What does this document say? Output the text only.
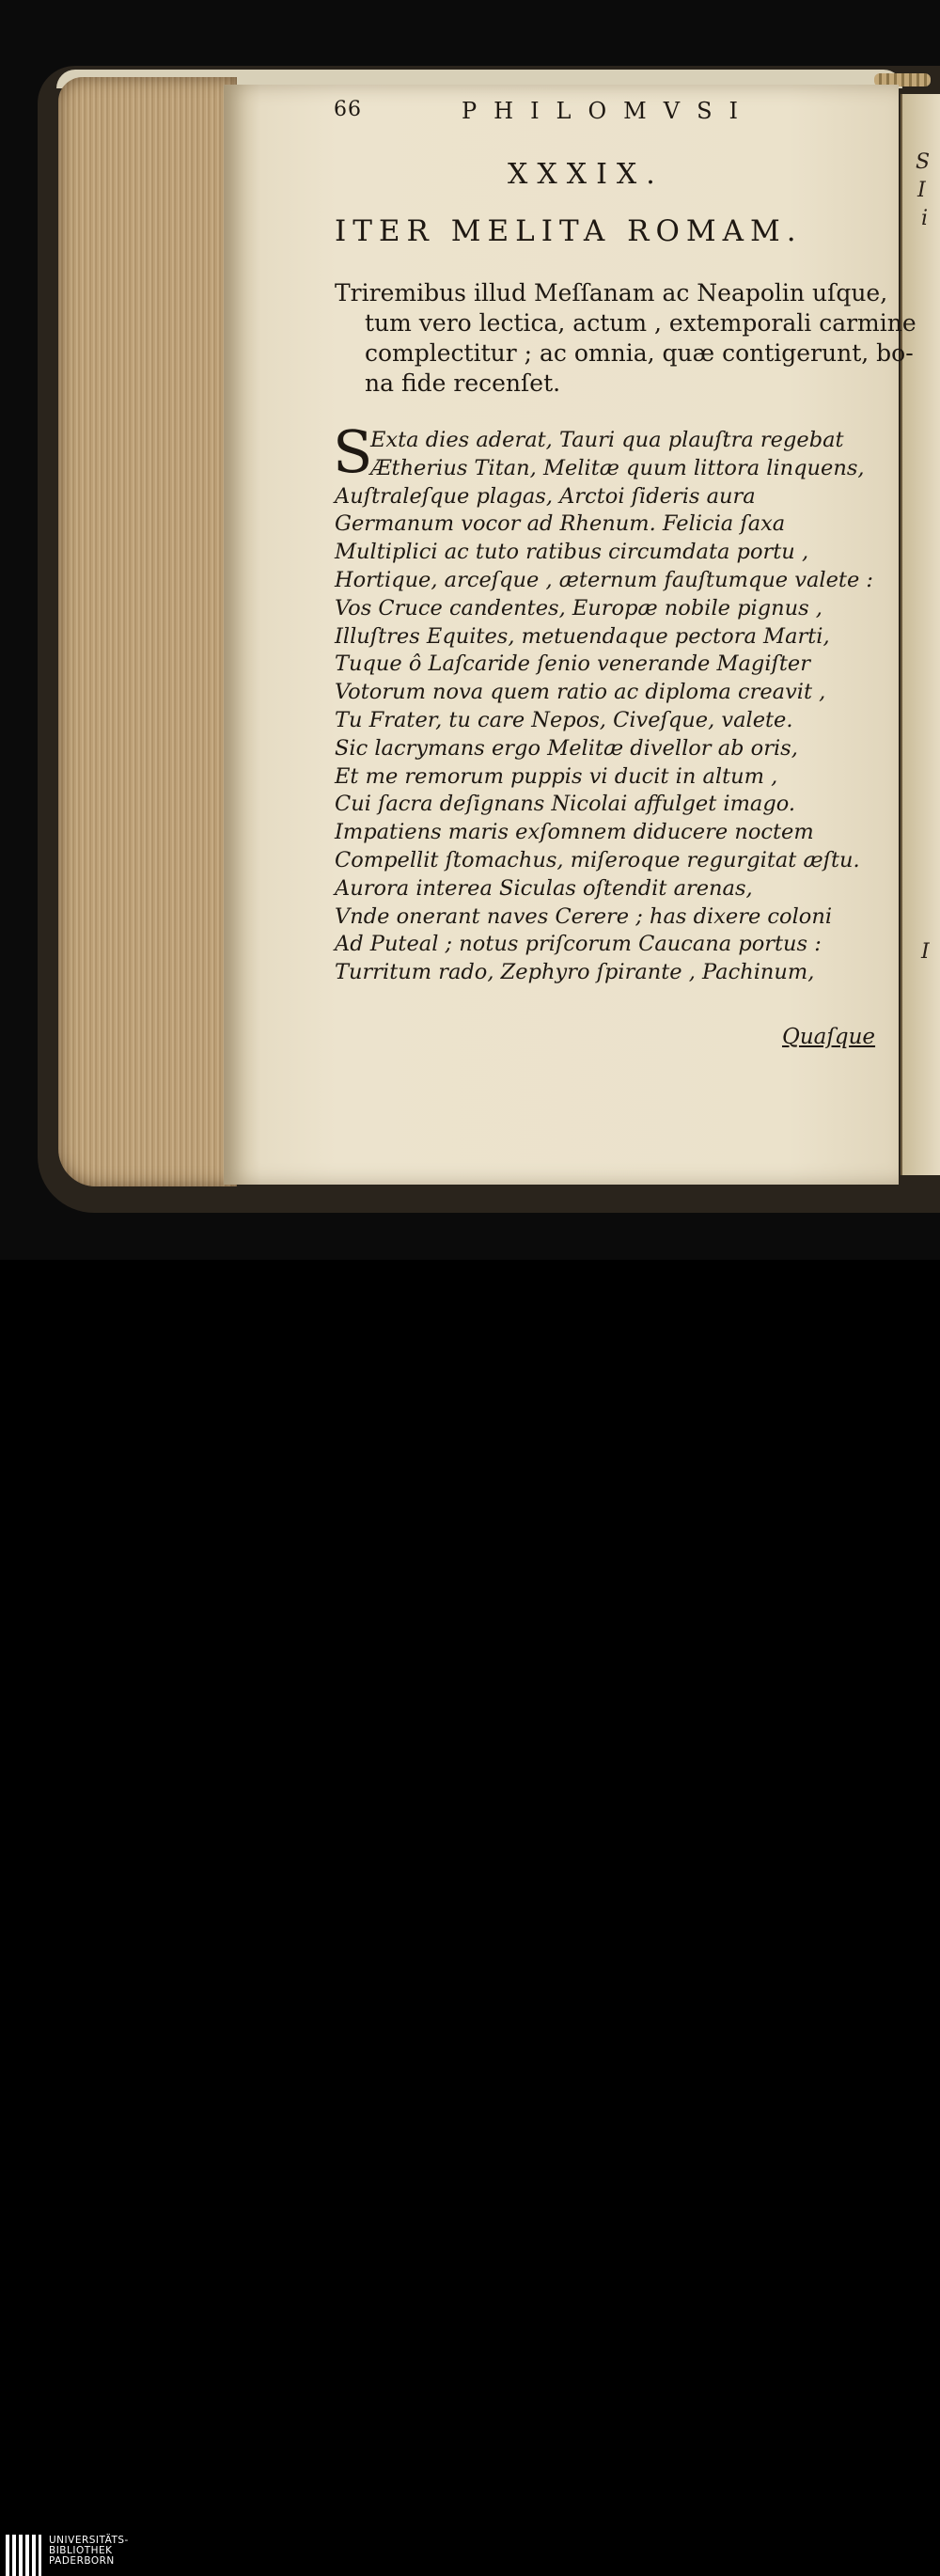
S
I
i
I
66	PHILOMVSI
XXXIX.
ITER MELITA ROMAM.
Triremibus illud Meſſanam ac Neapolin uſque,
tum vero lectica, actum , extemporali carmine
complectitur ; ac omnia, quæ contigerunt, bo-
na fide recenſet.
S
Exta dies aderat, Tauri qua plauſtra regebat
Ætherius Titan, Melitæ quum littora linquens,
Auſtraleſque plagas, Arctoi ſideris aura
Germanum vocor ad Rhenum. Felicia ſaxa
Multiplici ac tuto ratibus circumdata portu ,
Hortique, arceſque , æternum fauſtumque valete :
Vos Cruce candentes, Europæ nobile pignus ,
Illuſtres Equites, metuendaque pectora Marti,
Tuque ô Laſcaride ſenio venerande Magiſter
Votorum nova quem ratio ac diploma creavit ,
Tu Frater, tu care Nepos, Civeſque, valete.
Sic lacrymans ergo Melitæ divellor ab oris,
Et me remorum puppis vi ducit in altum ,
Cui ſacra deſignans Nicolai affulget imago.
Impatiens maris exſomnem diducere noctem
Compellit ſtomachus, miſeroque regurgitat æſtu.
Aurora interea Siculas oſtendit arenas,
Vnde onerant naves Cerere ; has dixere coloni
Ad Puteal ; notus priſcorum Caucana portus :
Turritum rado, Zephyro ſpirante , Pachinum,
Quaſque
UNIVERSITÄTS-
BIBLIOTHEK
PADERBORN
